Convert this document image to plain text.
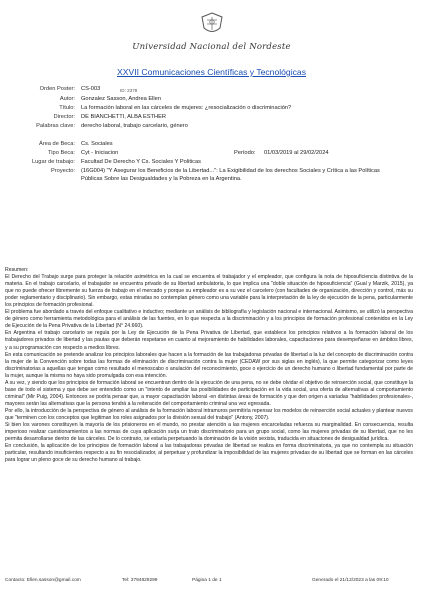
Universidad Nacional del Nordeste
XXVII Comunicaciones Científicas y Tecnológicas
Orden Poster: CS-003	ID: 2378
Autor: Gonzalez Sasson, Andrea Ellen
Título: La formación laboral en las cárceles de mujeres: ¿resocialización o discriminación?
Director: DE BIANCHETTI, ALBA ESTHER
Palabras clave: derecho laboral, trabajo carcelario, género
Área de Beca: Cs. Sociales
Tipo Beca: Cyt - Iniciacion	Período: 01/03/2019 al 29/02/2024
Lugar de trabajo: Facultad De Derecho Y Cs. Sociales Y Politicas
Proyecto: (16G004) "Y Asegurar los Beneficios de la Libertad...": La Exigibilidad de los derechos Sociales y Crítica a las Políticas Públicas Sobre las Desigualdades y la Pobreza en la Argentina.
Resumen:

El Derecho del Trabajo surge para proteger la relación asimétrica en la cual se encuentra el trabajador y el empleador, que configura la nota de hiposuficiencia distintiva de la materia. En el trabajo carcelario, el trabajador se encuentra privado de su libertad ambulatoria, lo que implica una "doble situación de hiposuficiencia" (Gual y Marzik, 2015), ya que no puede ofrecer libremente su fuerza de trabajo en el mercado y porque su empleador es a su vez el carcelero (con facultades de organización, dirección y control, más su poder reglamentario y disciplinario). Sin embargo, estas miradas no contemplan género como una variable para la interpretación de la ley de ejecución de la pena, particularmente los principios de formación profesional.

El problema fue abordado a través del enfoque cualitativo e inductivo; mediante un análisis de bibliografía y legislación nacional e internacional. Asimismo, se utilizó la perspectiva de género como herramienta metodológica para el análisis de las fuentes, en lo que respecta a la discriminación y a los principios de formación profesional contenidos en la Ley de Ejecución de la Pena Privativa de la Libertad (N° 24.660).

En Argentina el trabajo carcelario se regula por la Ley de Ejecución de la Pena Privativa de Libertad, que establece los principios relativos a la formación laboral de los trabajadores privados de libertad y las pautas que deberán respetarse en cuanto al mejoramiento de habilidades laborales, capacitaciones para desempeñarse en ámbitos libres, y a su programación con respecto a medios libres.

En esta comunicación se pretende analizar los principios laborales que hacen a la formación de las trabajadoras privadas de libertad a la luz del concepto de discriminación contra la mujer de la Convención sobre todas las formas de eliminación de discriminación contra la mujer (CEDAW por sus siglas en inglés), la que permite categorizar como leyes discriminatorias a aquellas que tengan como resultado el menoscabo o anulación del reconocimiento, goce o ejercicio de un derecho humano o libertad fundamental por parte de la mujer, aunque la misma no haya sido promulgada con esa intención.

A su vez, y siendo que los principios de formación laboral se encuentran dentro de la ejecución de una pena, no se debe olvidar el objetivo de reinserción social, que constituye la base de todo el sistema y que debe ser entendido como un "intento de ampliar las posibilidades de participación en la vida social, una oferta de alternativas al comportamiento criminal" (Mir Puig, 2004). Entonces se podría pensar que, a mayor capacitación laboral -en distintas áreas de formación y que den origen a variadas "habilidades profesionales-, mayores serán las alternativas que la persona tendrá a la reiteración del comportamiento criminal una vez egresada.

Por ello, la introducción de la perspectiva de género al análisis de la formación laboral intramuros permitiría repensar los modelos de reinserción social actuales y plantear nuevos que "terminen con los conceptos que legitiman los roles asignados por la división sexual del trabajo" (Antony, 2007).

Si bien los varones constituyen la mayoría de los prisioneros en el mundo, no prestar atención a las mujeres encarceladas refuerza su marginalidad. En consecuencia, resulta imperioso realizar cuestionamientos a las normas de cuya aplicación surja un trato discriminatorio para un grupo social, como las mujeres privadas de su libertad, que no les permita desarrollarse dentro de las cárceles. De lo contrario, se estaría perpetuando la dominación de la visión sexista, traducida en situaciones de desigualdad jurídica.

En conclusión, la aplicación de los principios de formación laboral a las trabajadoras privadas de libertad se realiza en forma discriminatoria, ya que no contempla su situación particular, resultando insuficientes respecto a su fin resocializador, al perpetuar y profundizar la imposibilidad de las mujeres privadas de su libertad que se forman en las cárceles para lograr un pleno goce de su derecho humano al trabajo.

Contacto: Ellen.sasson@gmail.com	Tel: 3794829299	Página 1 de 1	Generado el 21/12/2023 a las 09:10
